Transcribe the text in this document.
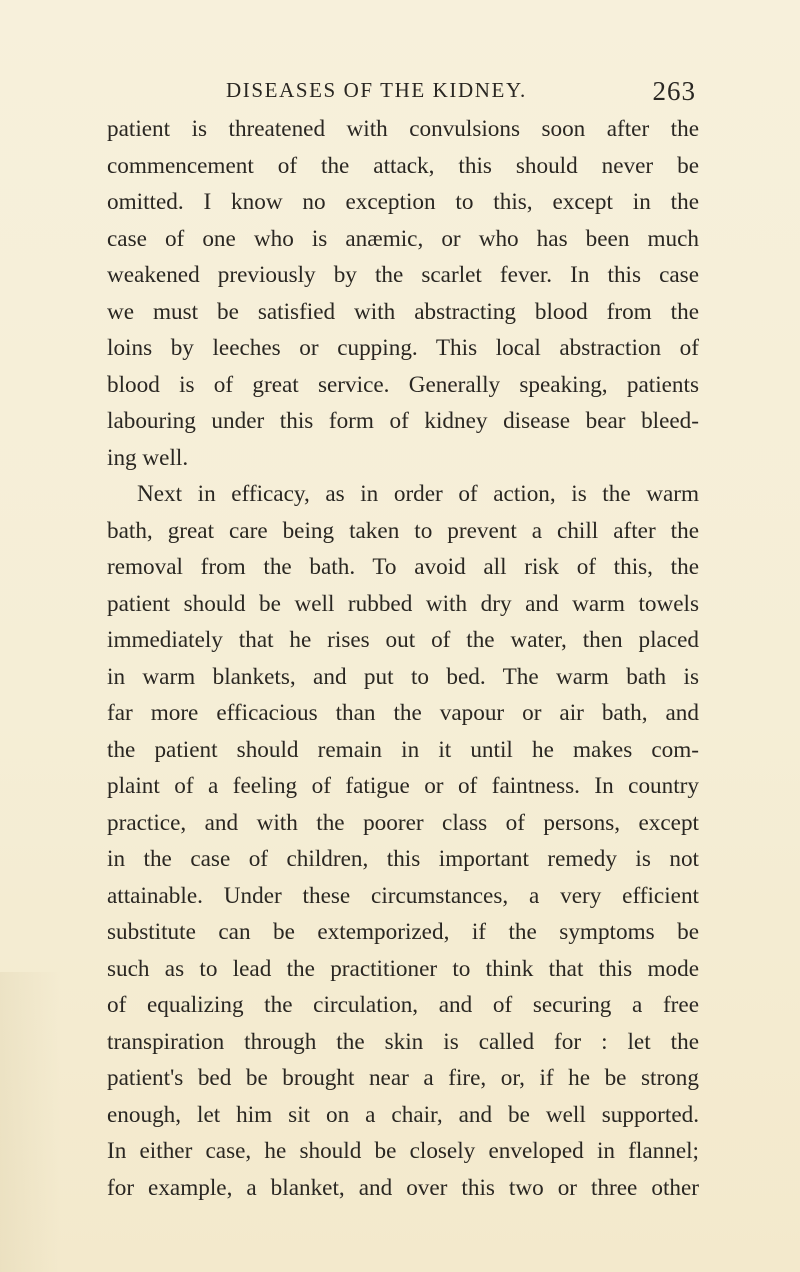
DISEASES OF THE KIDNEY.	263
patient is threatened with convulsions soon after the
commencement of the attack, this should never be
omitted. I know no exception to this, except in the
case of one who is anæmic, or who has been much
weakened previously by the scarlet fever. In this case
we must be satisfied with abstracting blood from the
loins by leeches or cupping. This local abstraction of
blood is of great service. Generally speaking, patients
labouring under this form of kidney disease bear bleed-
ing well.
Next in efficacy, as in order of action, is the warm
bath, great care being taken to prevent a chill after the
removal from the bath. To avoid all risk of this, the
patient should be well rubbed with dry and warm towels
immediately that he rises out of the water, then placed
in warm blankets, and put to bed. The warm bath is
far more efficacious than the vapour or air bath, and
the patient should remain in it until he makes com-
plaint of a feeling of fatigue or of faintness. In country
practice, and with the poorer class of persons, except
in the case of children, this important remedy is not
attainable. Under these circumstances, a very efficient
substitute can be extemporized, if the symptoms be
such as to lead the practitioner to think that this mode
of equalizing the circulation, and of securing a free
transpiration through the skin is called for : let the
patient's bed be brought near a fire, or, if he be strong
enough, let him sit on a chair, and be well supported.
In either case, he should be closely enveloped in flannel;
for example, a blanket, and over this two or three other
